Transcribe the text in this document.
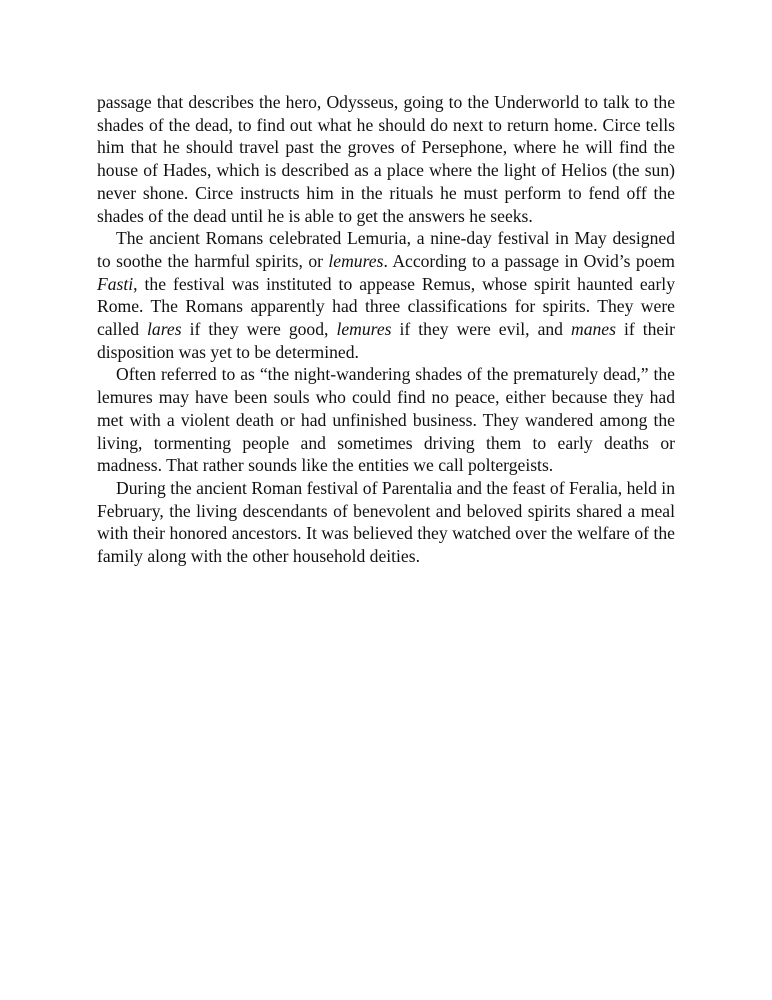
passage that describes the hero, Odysseus, going to the Underworld to talk to the shades of the dead, to find out what he should do next to return home. Circe tells him that he should travel past the groves of Persephone, where he will find the house of Hades, which is described as a place where the light of Helios (the sun) never shone. Circe instructs him in the rituals he must perform to fend off the shades of the dead until he is able to get the answers he seeks.

The ancient Romans celebrated Lemuria, a nine-day festival in May designed to soothe the harmful spirits, or lemures. According to a passage in Ovid’s poem Fasti, the festival was instituted to appease Remus, whose spirit haunted early Rome. The Romans apparently had three classifications for spirits. They were called lares if they were good, lemures if they were evil, and manes if their disposition was yet to be determined.

Often referred to as “the night-wandering shades of the prematurely dead,” the lemures may have been souls who could find no peace, either because they had met with a violent death or had unfinished business. They wandered among the living, tormenting people and sometimes driving them to early deaths or madness. That rather sounds like the entities we call poltergeists.

During the ancient Roman festival of Parentalia and the feast of Feralia, held in February, the living descendants of benevolent and beloved spirits shared a meal with their honored ancestors. It was believed they watched over the welfare of the family along with the other household deities.
